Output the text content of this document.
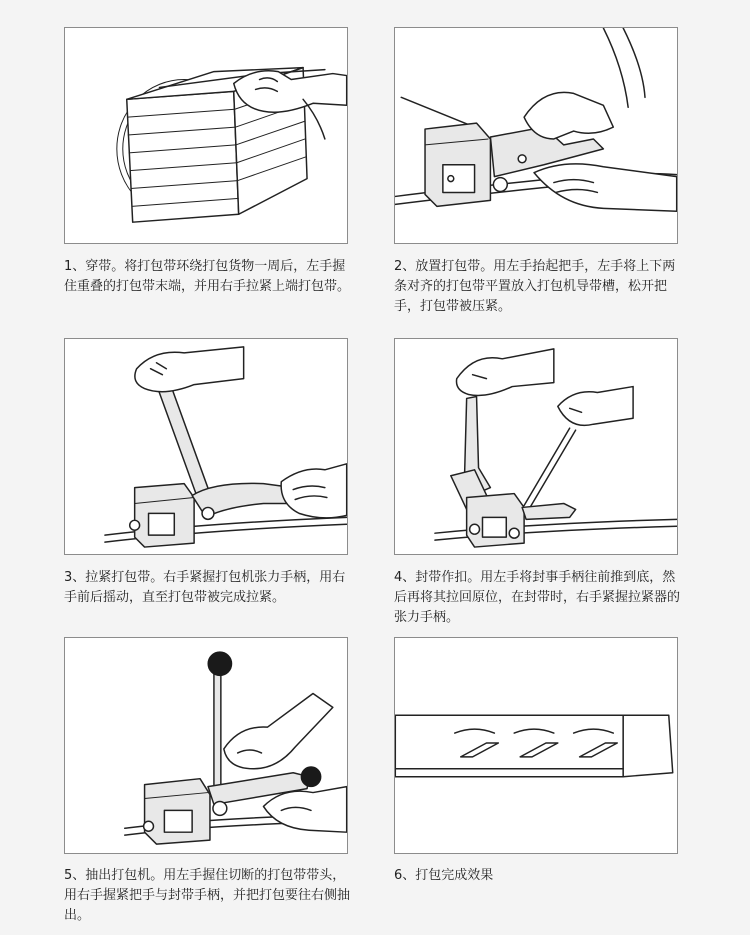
1、穿带。将打包带环绕打包货物一周后，左手握住重叠的打包带末端，并用右手拉紧上端打包带。

2、放置打包带。用左手抬起把手，左手将上下两条对齐的打包带平置放入打包机导带槽，松开把手，打包带被压紧。

3、拉紧打包带。右手紧握打包机张力手柄，用右手前后摇动，直至打包带被完成拉紧。

4、封带作扣。用左手将封事手柄往前推到底，然后再将其拉回原位，在封带时，右手紧握拉紧器的张力手柄。

5、抽出打包机。用左手握住切断的打包带带头，用右手握紧把手与封带手柄，并把打包要往右侧抽出。

6、打包完成效果
